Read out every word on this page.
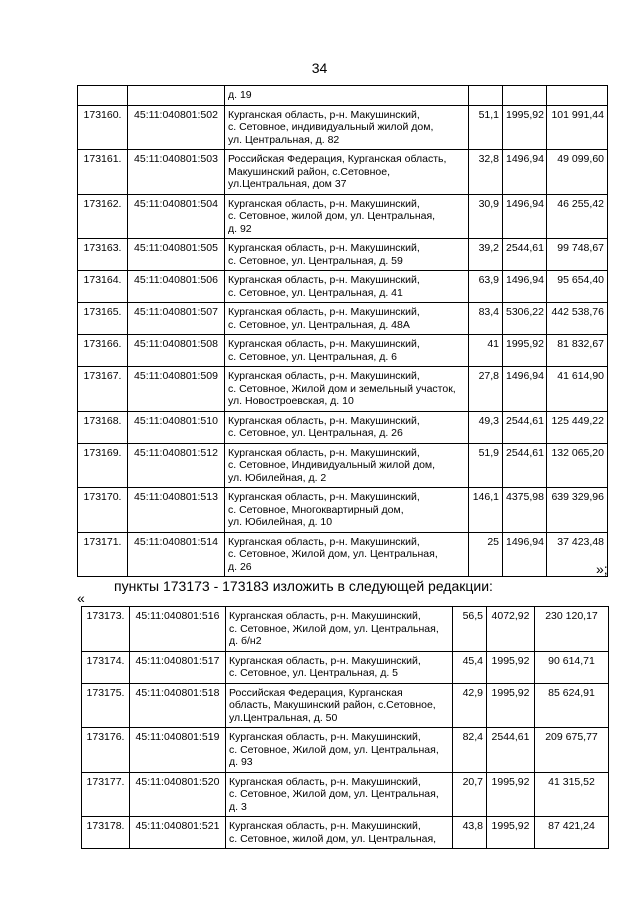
34
		д. 19			
173160.	45:11:040801:502	Курганская область, р-н. Макушинский,
с. Сетовное, индивидуальный жилой дом,
ул. Центральная, д. 82	51,1	1995,92	101 991,44
173161.	45:11:040801:503	Российская Федерация, Курганская область,
Макушинский район, с.Сетовное,
ул.Центральная, дом 37	32,8	1496,94	49 099,60
173162.	45:11:040801:504	Курганская область, р-н. Макушинский,
с. Сетовное, жилой дом, ул. Центральная,
д. 92	30,9	1496,94	46 255,42
173163.	45:11:040801:505	Курганская область, р-н. Макушинский,
с. Сетовное, ул. Центральная, д. 59	39,2	2544,61	99 748,67
173164.	45:11:040801:506	Курганская область, р-н. Макушинский,
с. Сетовное, ул. Центральная, д. 41	63,9	1496,94	95 654,40
173165.	45:11:040801:507	Курганская область, р-н. Макушинский,
с. Сетовное, ул. Центральная, д. 48А	83,4	5306,22	442 538,76
173166.	45:11:040801:508	Курганская область, р-н. Макушинский,
с. Сетовное, ул. Центральная, д. 6	41	1995,92	81 832,67
173167.	45:11:040801:509	Курганская область, р-н. Макушинский,
с. Сетовное, Жилой дом и земельный участок,
ул. Новостроевская, д. 10	27,8	1496,94	41 614,90
173168.	45:11:040801:510	Курганская область, р-н. Макушинский,
с. Сетовное, ул. Центральная, д. 26	49,3	2544,61	125 449,22
173169.	45:11:040801:512	Курганская область, р-н. Макушинский,
с. Сетовное, Индивидуальный жилой дом,
ул. Юбилейная, д. 2	51,9	2544,61	132 065,20
173170.	45:11:040801:513	Курганская область, р-н. Макушинский,
с. Сетовное, Многоквартирный дом,
ул. Юбилейная, д. 10	146,1	4375,98	639 329,96
173171.	45:11:040801:514	Курганская область, р-н. Макушинский,
с. Сетовное, Жилой дом, ул. Центральная,
д. 26	25	1496,94	37 423,48
»;
пункты 173173 - 173183 изложить в следующей редакции:
«
173173.	45:11:040801:516	Курганская область, р-н. Макушинский,
с. Сетовное, Жилой дом, ул. Центральная,
д. б/н2	56,5	4072,92	230 120,17
173174.	45:11:040801:517	Курганская область, р-н. Макушинский,
с. Сетовное, ул. Центральная, д. 5	45,4	1995,92	90 614,71
173175.	45:11:040801:518	Российская Федерация, Курганская
область, Макушинский район, с.Сетовное,
ул.Центральная, д. 50	42,9	1995,92	85 624,91
173176.	45:11:040801:519	Курганская область, р-н. Макушинский,
с. Сетовное, Жилой дом, ул. Центральная,
д. 93	82,4	2544,61	209 675,77
173177.	45:11:040801:520	Курганская область, р-н. Макушинский,
с. Сетовное, Жилой дом, ул. Центральная,
д. 3	20,7	1995,92	41 315,52
173178.	45:11:040801:521	Курганская область, р-н. Макушинский,
с. Сетовное, жилой дом, ул. Центральная,	43,8	1995,92	87 421,24
